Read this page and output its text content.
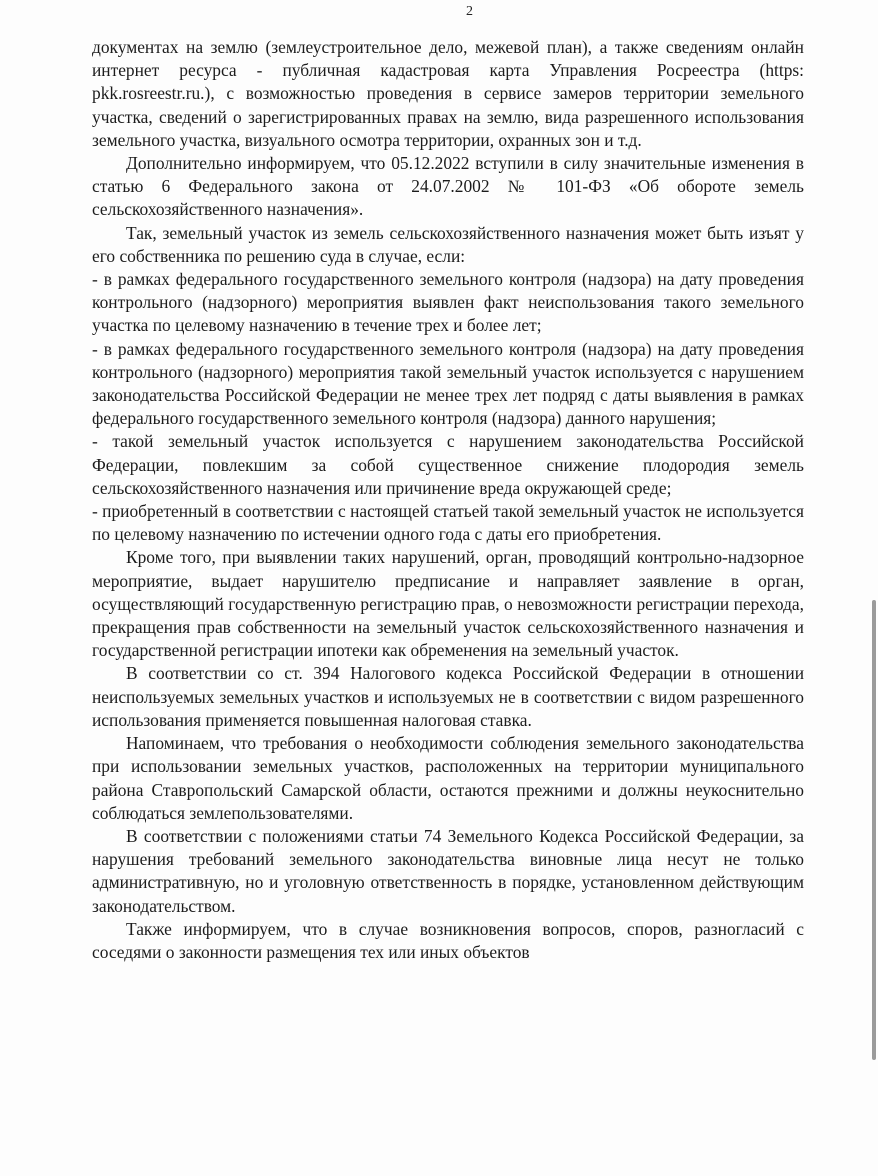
2

документах на землю (землеустроительное дело, межевой план), а также сведениям онлайн интернет ресурса - публичная кадастровая карта Управления Росреестра (https: pkk.rosreestr.ru.), с возможностью проведения в сервисе замеров территории земельного участка, сведений о зарегистрированных правах на землю, вида разрешенного использования земельного участка, визуального осмотра территории, охранных зон и т.д.

Дополнительно информируем, что 05.12.2022 вступили в силу значительные изменения в статью 6 Федерального закона от 24.07.2002 № 101-ФЗ «Об обороте земель сельскохозяйственного назначения».

Так, земельный участок из земель сельскохозяйственного назначения может быть изъят у его собственника по решению суда в случае, если:

- в рамках федерального государственного земельного контроля (надзора) на дату проведения контрольного (надзорного) мероприятия выявлен факт неиспользования такого земельного участка по целевому назначению в течение трех и более лет;

- в рамках федерального государственного земельного контроля (надзора) на дату проведения контрольного (надзорного) мероприятия такой земельный участок используется с нарушением законодательства Российской Федерации не менее трех лет подряд с даты выявления в рамках федерального государственного земельного контроля (надзора) данного нарушения;

- такой земельный участок используется с нарушением законодательства Российской Федерации, повлекшим за собой существенное снижение плодородия земель сельскохозяйственного назначения или причинение вреда окружающей среде;

- приобретенный в соответствии с настоящей статьей такой земельный участок не используется по целевому назначению по истечении одного года с даты его приобретения.

Кроме того, при выявлении таких нарушений, орган, проводящий контрольно-надзорное мероприятие, выдает нарушителю предписание и направляет заявление в орган, осуществляющий государственную регистрацию прав, о невозможности регистрации перехода, прекращения прав собственности на земельный участок сельскохозяйственного назначения и государственной регистрации ипотеки как обременения на земельный участок.

В соответствии со ст. 394 Налогового кодекса Российской Федерации в отношении неиспользуемых земельных участков и используемых не в соответствии с видом разрешенного использования применяется повышенная налоговая ставка.

Напоминаем, что требования о необходимости соблюдения земельного законодательства при использовании земельных участков, расположенных на территории муниципального района Ставропольский Самарской области, остаются прежними и должны неукоснительно соблюдаться землепользователями.

В соответствии с положениями статьи 74 Земельного Кодекса Российской Федерации, за нарушения требований земельного законодательства виновные лица несут не только административную, но и уголовную ответственность в порядке, установленном действующим законодательством.

Также информируем, что в случае возникновения вопросов, споров, разногласий с соседями о законности размещения тех или иных объектов
